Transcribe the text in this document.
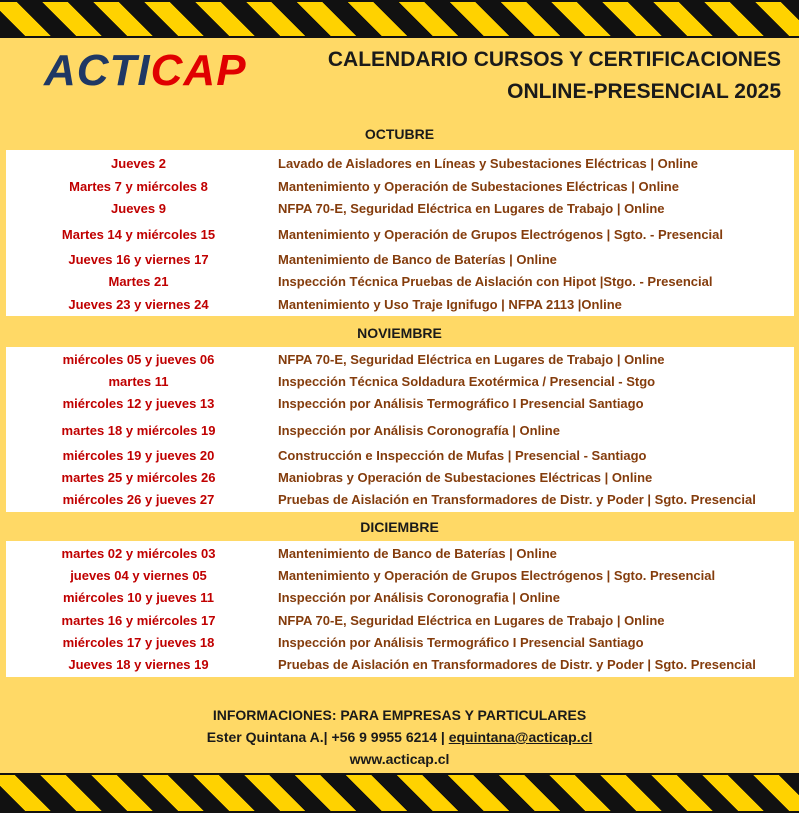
ACTICAP	CALENDARIO CURSOS Y CERTIFICACIONES
ONLINE-PRESENCIAL 2025
OCTUBRE
Jueves 2	Lavado de Aisladores en Líneas y Subestaciones Eléctricas | Online
Martes 7 y miércoles 8	Mantenimiento y Operación de Subestaciones Eléctricas | Online
Jueves 9	NFPA 70-E, Seguridad Eléctrica en Lugares de Trabajo | Online
Martes 14 y miércoles 15	Mantenimiento y Operación de Grupos Electrógenos | Sgto. - Presencial
Jueves 16 y viernes 17	Mantenimiento de Banco de Baterías | Online
Martes 21	Inspección Técnica Pruebas de Aislación con Hipot |Stgo. - Presencial
Jueves 23 y viernes 24	Mantenimiento y Uso Traje Ignifugo | NFPA 2113 |Online
NOVIEMBRE
miércoles 05 y jueves 06	NFPA 70-E, Seguridad Eléctrica en Lugares de Trabajo | Online
martes 11	Inspección Técnica Soldadura Exotérmica / Presencial - Stgo
miércoles 12 y jueves 13	Inspección por Análisis Termográfico I Presencial Santiago
martes 18 y miércoles 19	Inspección por Análisis Coronografía | Online
miércoles 19 y jueves 20	Construcción e Inspección de Mufas | Presencial - Santiago
martes 25 y miércoles 26	Maniobras y Operación de Subestaciones Eléctricas | Online
miércoles 26 y jueves 27	Pruebas de Aislación en Transformadores de Distr. y Poder | Sgto. Presencial
DICIEMBRE
martes 02 y miércoles 03	Mantenimiento de Banco de Baterías | Online
jueves 04 y viernes 05	Mantenimiento y Operación de Grupos Electrógenos | Sgto. Presencial
miércoles 10 y jueves 11	Inspección por Análisis Coronografia | Online
martes 16 y miércoles 17	NFPA 70-E, Seguridad Eléctrica en Lugares de Trabajo | Online
miércoles 17 y jueves 18	Inspección por Análisis Termográfico I Presencial Santiago
Jueves 18 y viernes 19	Pruebas de Aislación en Transformadores de Distr. y Poder | Sgto. Presencial
INFORMACIONES: PARA EMPRESAS Y PARTICULARES
Ester Quintana A.| +56 9 9955 6214 | equintana@acticap.cl
www.acticap.cl
